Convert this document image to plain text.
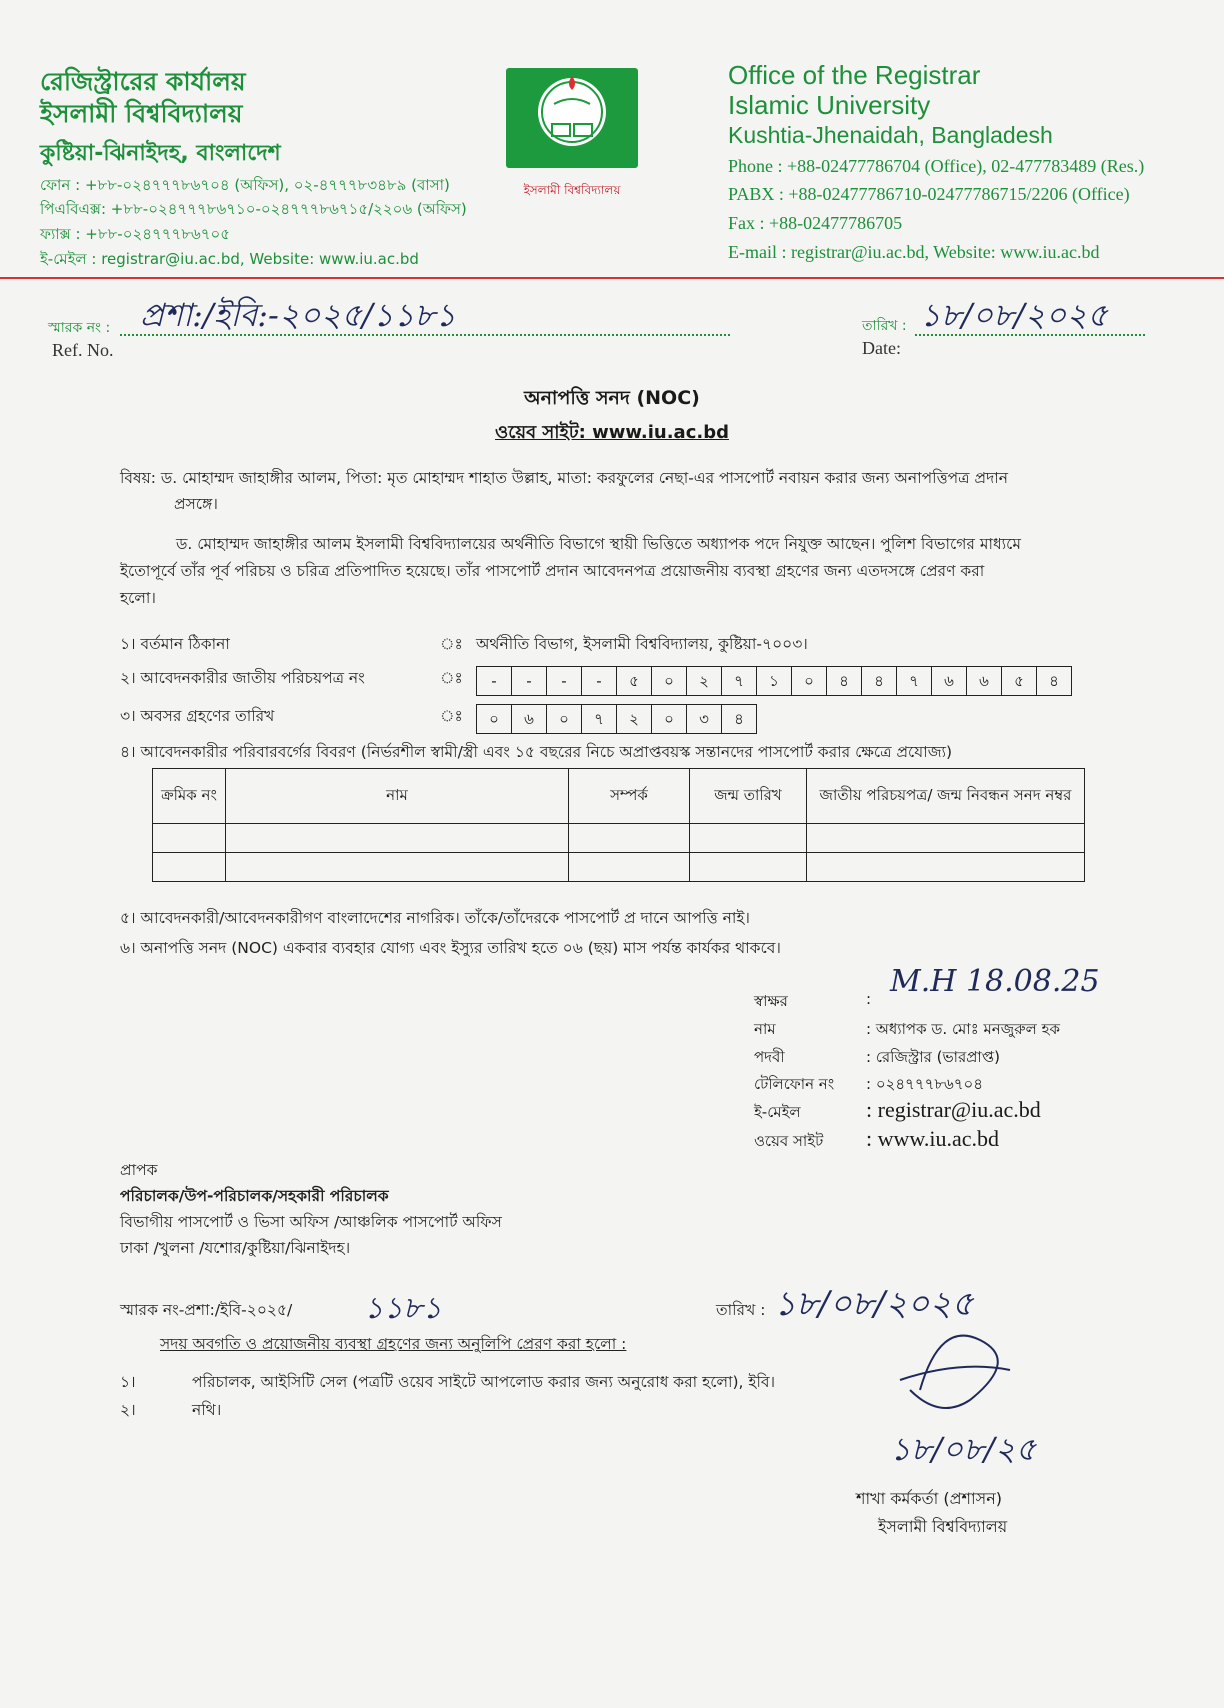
রেজিস্ট্রারের কার্যালয়
ইসলামী বিশ্ববিদ্যালয়
কুষ্টিয়া-ঝিনাইদহ, বাংলাদেশ
ফোন : +৮৮-০২৪৭৭৭৮৬৭০৪ (অফিস), ০২-৪৭৭৭৮৩৪৮৯ (বাসা)
পিএবিএক্স: +৮৮-০২৪৭৭৭৮৬৭১০-০২৪৭৭৭৮৬৭১৫/২২০৬ (অফিস)
ফ্যাক্স : +৮৮-০২৪৭৭৭৮৬৭০৫
ই-মেইল : registrar@iu.ac.bd, Website: www.iu.ac.bd
ইসলামী বিশ্ববিদ্যালয়
Office of the Registrar
Islamic University
Kushtia-Jhenaidah, Bangladesh
Phone : +88-02477786704 (Office), 02-477783489 (Res.)
PABX : +88-02477786710-02477786715/2206 (Office)
Fax : +88-02477786705
E-mail : registrar@iu.ac.bd, Website: www.iu.ac.bd
স্মারক নং : প্রশা:/ইবি:-২০২৫/১১৮১
Ref. No.
তারিখ : ১৮/০৮/২০২৫
Date:
অনাপত্তি সনদ (NOC)
ওয়েব সাইট: www.iu.ac.bd
বিষয়: ড. মোহাম্মদ জাহাঙ্গীর আলম, পিতা: মৃত মোহাম্মদ শাহাত উল্লাহ, মাতা: করফুলের নেছা-এর পাসপোর্ট নবায়ন করার জন্য অনাপত্তিপত্র প্রদান
প্রসঙ্গে।
ড. মোহাম্মদ জাহাঙ্গীর আলম ইসলামী বিশ্ববিদ্যালয়ের অর্থনীতি বিভাগে স্থায়ী ভিত্তিতে অধ্যাপক পদে নিযুক্ত আছেন। পুলিশ বিভাগের মাধ্যমে
ইতোপূর্বে তাঁর পূর্ব পরিচয় ও চরিত্র প্রতিপাদিত হয়েছে। তাঁর পাসপোর্ট প্রদান আবেদনপত্র প্রয়োজনীয় ব্যবস্থা গ্রহণের জন্য এতদসঙ্গে প্রেরণ করা
হলো।
১। বর্তমান ঠিকানা	ঃ অর্থনীতি বিভাগ, ইসলামী বিশ্ববিদ্যালয়, কুষ্টিয়া-৭০০৩।
২। আবেদনকারীর জাতীয় পরিচয়পত্র নং	ঃ	-	-	-	-	৫	০	২	৭	১	০	৪	৪	৭	৬	৬	৫	৪
৩। অবসর গ্রহণের তারিখ	ঃ	০	৬	০	৭	২	০	৩	৪
৪। আবেদনকারীর পরিবারবর্গের বিবরণ (নির্ভরশীল স্বামী/স্ত্রী এবং ১৫ বছরের নিচে অপ্রাপ্তবয়স্ক সন্তানদের পাসপোর্ট করার ক্ষেত্রে প্রযোজ্য)
ক্রমিক নং	নাম	সম্পর্ক	জন্ম তারিখ	জাতীয় পরিচয়পত্র/ জন্ম নিবন্ধন সনদ নম্বর

৫। আবেদনকারী/আবেদনকারীগণ বাংলাদেশের নাগরিক। তাঁকে/তাঁদেরকে পাসপোর্ট প্র দানে আপত্তি নাই।
৬। অনাপত্তি সনদ (NOC) একবার ব্যবহার যোগ্য এবং ইস্যুর তারিখ হতে ০৬ (ছয়) মাস পর্যন্ত কার্যকর থাকবে।
স্বাক্ষর	: M.H 18.08.25
নাম	: অধ্যাপক ড. মোঃ মনজুরুল হক
পদবী	: রেজিস্ট্রার (ভারপ্রাপ্ত)
টেলিফোন নং : ০২৪৭৭৭৮৬৭০৪
ই-মেইল	: registrar@iu.ac.bd
ওয়েব সাইট : www.iu.ac.bd
প্রাপক
পরিচালক/উপ-পরিচালক/সহকারী পরিচালক
বিভাগীয় পাসপোর্ট ও ভিসা অফিস /আঞ্চলিক পাসপোর্ট অফিস
ঢাকা /খুলনা /যশোর/কুষ্টিয়া/ঝিনাইদহ।
স্মারক নং-প্রশা:/ইবি-২০২৫/ ১১৮১	তারিখ : ১৮/০৮/২০২৫
সদয় অবগতি ও প্রয়োজনীয় ব্যবস্থা গ্রহণের জন্য অনুলিপি প্রেরণ করা হলো :
১।	পরিচালক, আইসিটি সেল (পত্রটি ওয়েব সাইটে আপলোড করার জন্য অনুরোধ করা হলো), ইবি।
২।	নথি।
১৮/০৮/২৫
শাখা কর্মকর্তা (প্রশাসন)
ইসলামী বিশ্ববিদ্যালয়
